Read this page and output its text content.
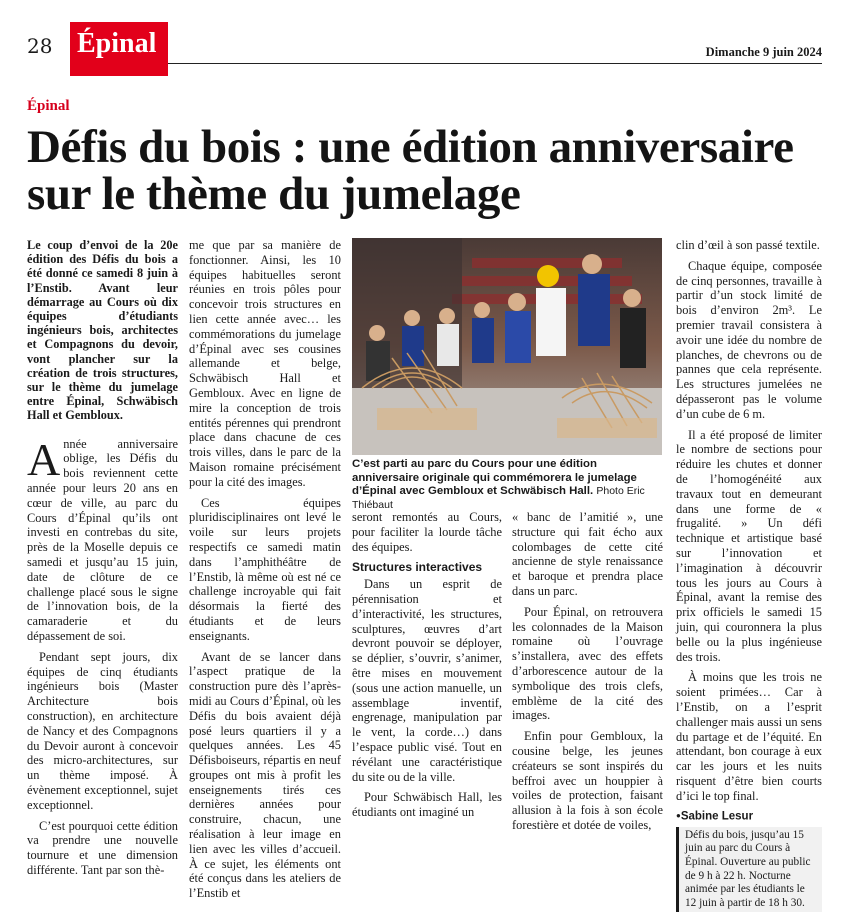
28 Épinal	Dimanche 9 juin 2024
Épinal
Défis du bois : une édition anniversaire sur le thème du jumelage
Le coup d’envoi de la 20e édition des Défis du bois a été donné ce samedi 8 juin à l’Enstib. Avant leur démarrage au Cours où dix équipes d’étudiants ingénieurs bois, architectes et Compagnons du devoir, vont plancher sur la création de trois structures, sur le thème du jumelage entre Épinal, Schwäbisch Hall et Gembloux.

Année anniversaire oblige, les Défis du bois reviennent cette année pour leurs 20 ans en cœur de ville, au parc du Cours d’Épinal qu’ils ont investi en contrebas du site, près de la Moselle depuis ce samedi et jusqu’au 15 juin, date de clôture de ce challenge placé sous le signe de l’innovation bois, de la camaraderie et du dépassement de soi.

Pendant sept jours, dix équipes de cinq étudiants ingénieurs bois (Master Architecture bois construction), en architecture de Nancy et des Compagnons du Devoir auront à concevoir des micro-architectures, sur un thème imposé. À évènement exceptionnel, sujet exceptionnel.

C’est pourquoi cette édition va prendre une nouvelle tournure et une dimension différente. Tant par son thè-

me que par sa manière de fonctionner. Ainsi, les 10 équipes habituelles seront réunies en trois pôles pour concevoir trois structures en lien cette année avec… les commémorations du jumelage d’Épinal avec ses cousines allemande et belge, Schwäbisch Hall et Gembloux. Avec en ligne de mire la conception de trois entités pérennes qui prendront place dans chacune de ces trois villes, dans le parc de la Maison romaine précisément pour la cité des images.

Ces équipes pluridisciplinaires ont levé le voile sur leurs projets respectifs ce samedi matin dans l’amphithéâtre de l’Enstib, là même où est né ce challenge incroyable qui fait désormais la fierté des étudiants et de leurs enseignants.

Avant de se lancer dans l’aspect pratique de la construction pure dès l’après-midi au Cours d’Épinal, où les Défis du bois avaient déjà posé leurs quartiers il y a quelques années. Les 45 Défisboiseurs, répartis en neuf groupes ont mis à profit les enseignements tirés ces dernières années pour construire, chacun, une réalisation à leur image en lien avec les villes d’accueil. À ce sujet, les éléments ont été conçus dans les ateliers de l’Enstib et

C’est parti au parc du Cours pour une édition anniversaire originale qui commémorera le jumelage d’Épinal avec Gembloux et Schwäbisch Hall. Photo Eric Thiébaut

seront remontés au Cours, pour faciliter la lourde tâche des équipes.

Structures interactives

Dans un esprit de pérennisation et d’interactivité, les structures, sculptures, œuvres d’art devront pouvoir se déployer, se déplier, s’ouvrir, s’animer, être mises en mouvement (sous une action manuelle, un assemblage inventif, engrenage, manipulation par le vent, la corde…) dans l’espace public visé. Tout en révélant une caractéristique du site ou de la ville.

Pour Schwäbisch Hall, les étudiants ont imaginé un

« banc de l’amitié », une structure qui fait écho aux colombages de cette cité ancienne de style renaissance et baroque et prendra place dans un parc.

Pour Épinal, on retrouvera les colonnades de la Maison romaine où l’ouvrage s’installera, avec des effets d’arborescence autour de la symbolique des trois clefs, emblème de la cité des images.

Enfin pour Gembloux, la cousine belge, les jeunes créateurs se sont inspirés du beffroi avec un houppier à voiles de protection, faisant allusion à la fois à son école forestière et dotée de voiles,

clin d’œil à son passé textile.

Chaque équipe, composée de cinq personnes, travaille à partir d’un stock limité de bois d’environ 2m³. Le premier travail consistera à avoir une idée du nombre de planches, de chevrons ou de pannes que cela représente. Les structures jumelées ne dépasseront pas le volume d’un cube de 6 m.

Il a été proposé de limiter le nombre de sections pour réduire les chutes et donner de l’homogénéité aux travaux tout en demeurant dans une forme de « frugalité. » Un défi technique et artistique basé sur l’innovation et l’imagination à découvrir tous les jours au Cours à Épinal, avant la remise des prix officiels le samedi 15 juin, qui couronnera la plus belle ou la plus ingénieuse des trois.

À moins que les trois ne soient primées… Car à l’Enstib, on a l’esprit challenger mais aussi un sens du partage et de l’équité. En attendant, bon courage à eux car les jours et les nuits risquent d’être bien courts d’ici le top final.

● Sabine Lesur

Défis du bois, jusqu’au 15 juin au parc du Cours à Épinal. Ouverture au public de 9 h à 22 h. Nocturne animée par les étudiants le 12 juin à partir de 18 h 30.
